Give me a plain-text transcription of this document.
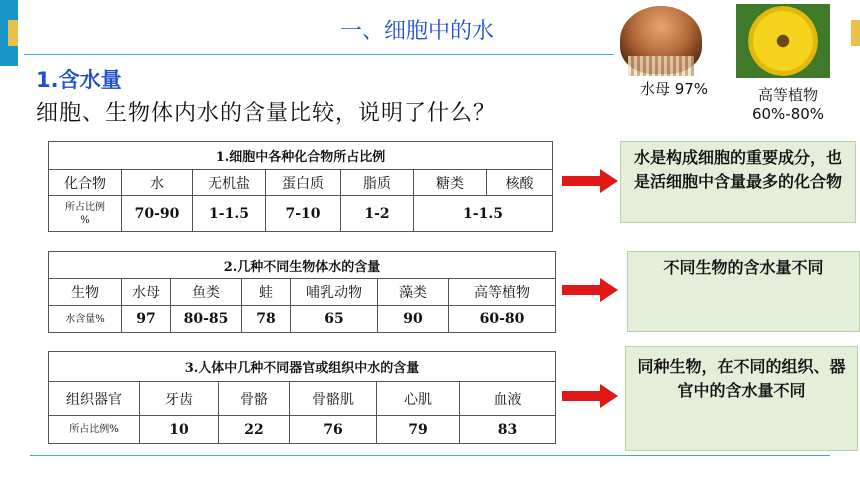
一、细胞中的水
1.含水量
细胞、生物体内水的含量比较，说明了什么？
水母 97%	高等植物
60%-80%
1.细胞中各种化合物所占比例						
化合物	水	无机盐	蛋白质	脂质	糖类	核酸

所占比例
%	70-90	1-1.5	7-10	1-2	1-1.5	
2.几种不同生物体水的含量						
生物	水母	鱼类	蛙	哺乳动物	藻类	高等植物
水含量%	97	80-85	78	65	90	60-80
3.人体中几种不同器官或组织中水的含量					
组织器官	牙齿	骨骼	骨骼肌	心肌	血液
所占比例%	10	22	76	79	83
水是构成细胞的重要成分，也是活细胞中含量最多的化合物
不同生物的含水量不同
同种生物，在不同的组织、器官中的含水量不同
